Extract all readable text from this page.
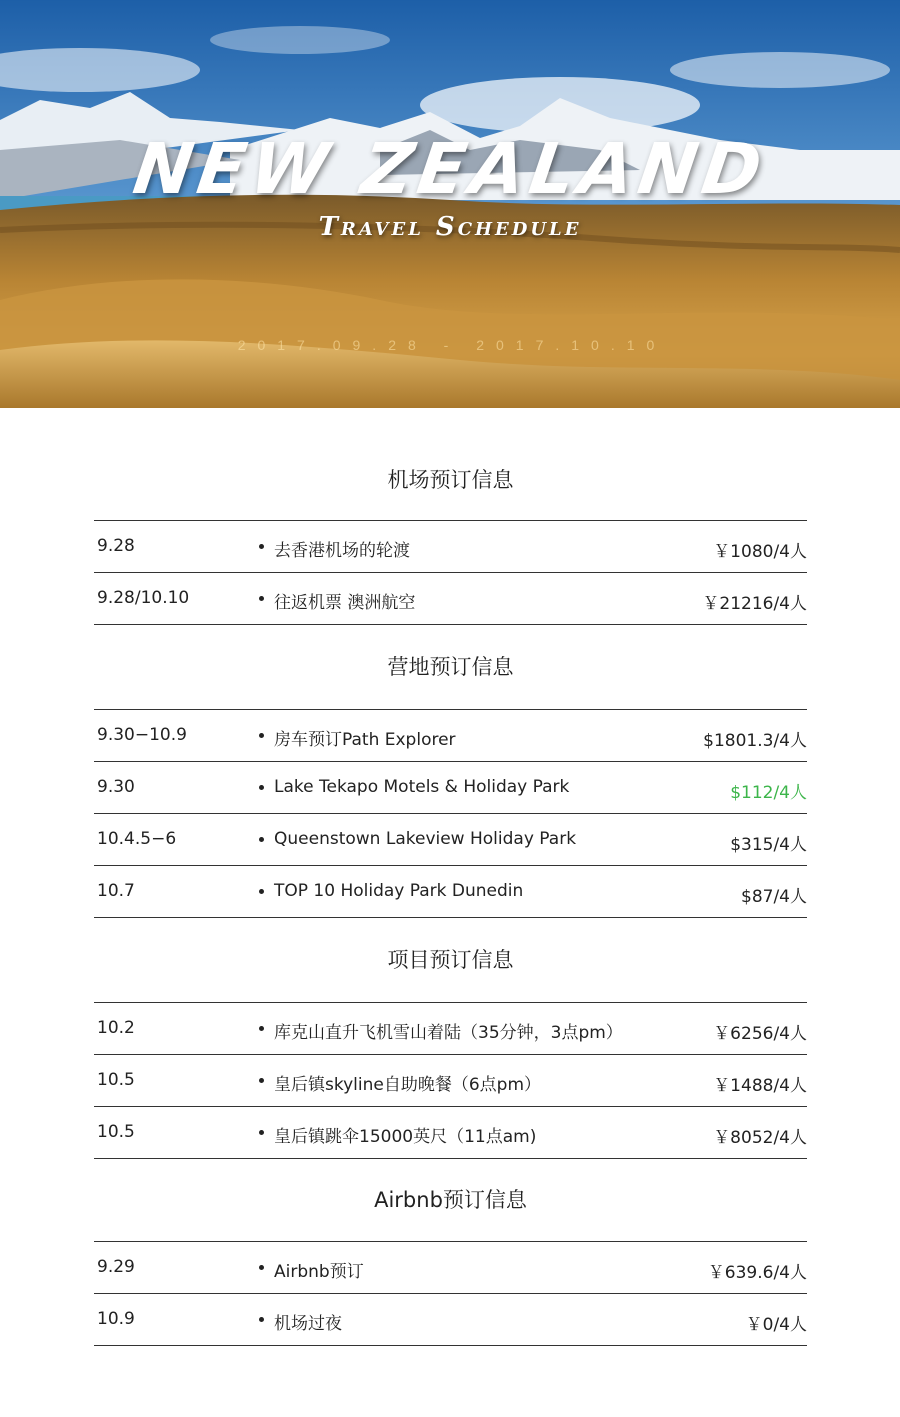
NEW ZEALAND
Travel Schedule
2017.09.28 - 2017.10.10
机场预订信息
9.28	去香港机场的轮渡	￥1080/4人
9.28/10.10	往返机票 澳洲航空	￥21216/4人
营地预订信息
9.30−10.9	房车预订Path Explorer	$1801.3/4人
9.30	Lake Tekapo Motels & Holiday Park	$112/4人
10.4.5−6	Queenstown Lakeview Holiday Park	$315/4人
10.7	TOP 10 Holiday Park Dunedin	$87/4人
项目预订信息
10.2	库克山直升飞机雪山着陆（35分钟，3点pm）	￥6256/4人
10.5	皇后镇skyline自助晚餐（6点pm）	￥1488/4人
10.5	皇后镇跳伞15000英尺（11点am)	￥8052/4人
Airbnb预订信息
9.29	Airbnb预订	￥639.6/4人
10.9	机场过夜	￥0/4人
